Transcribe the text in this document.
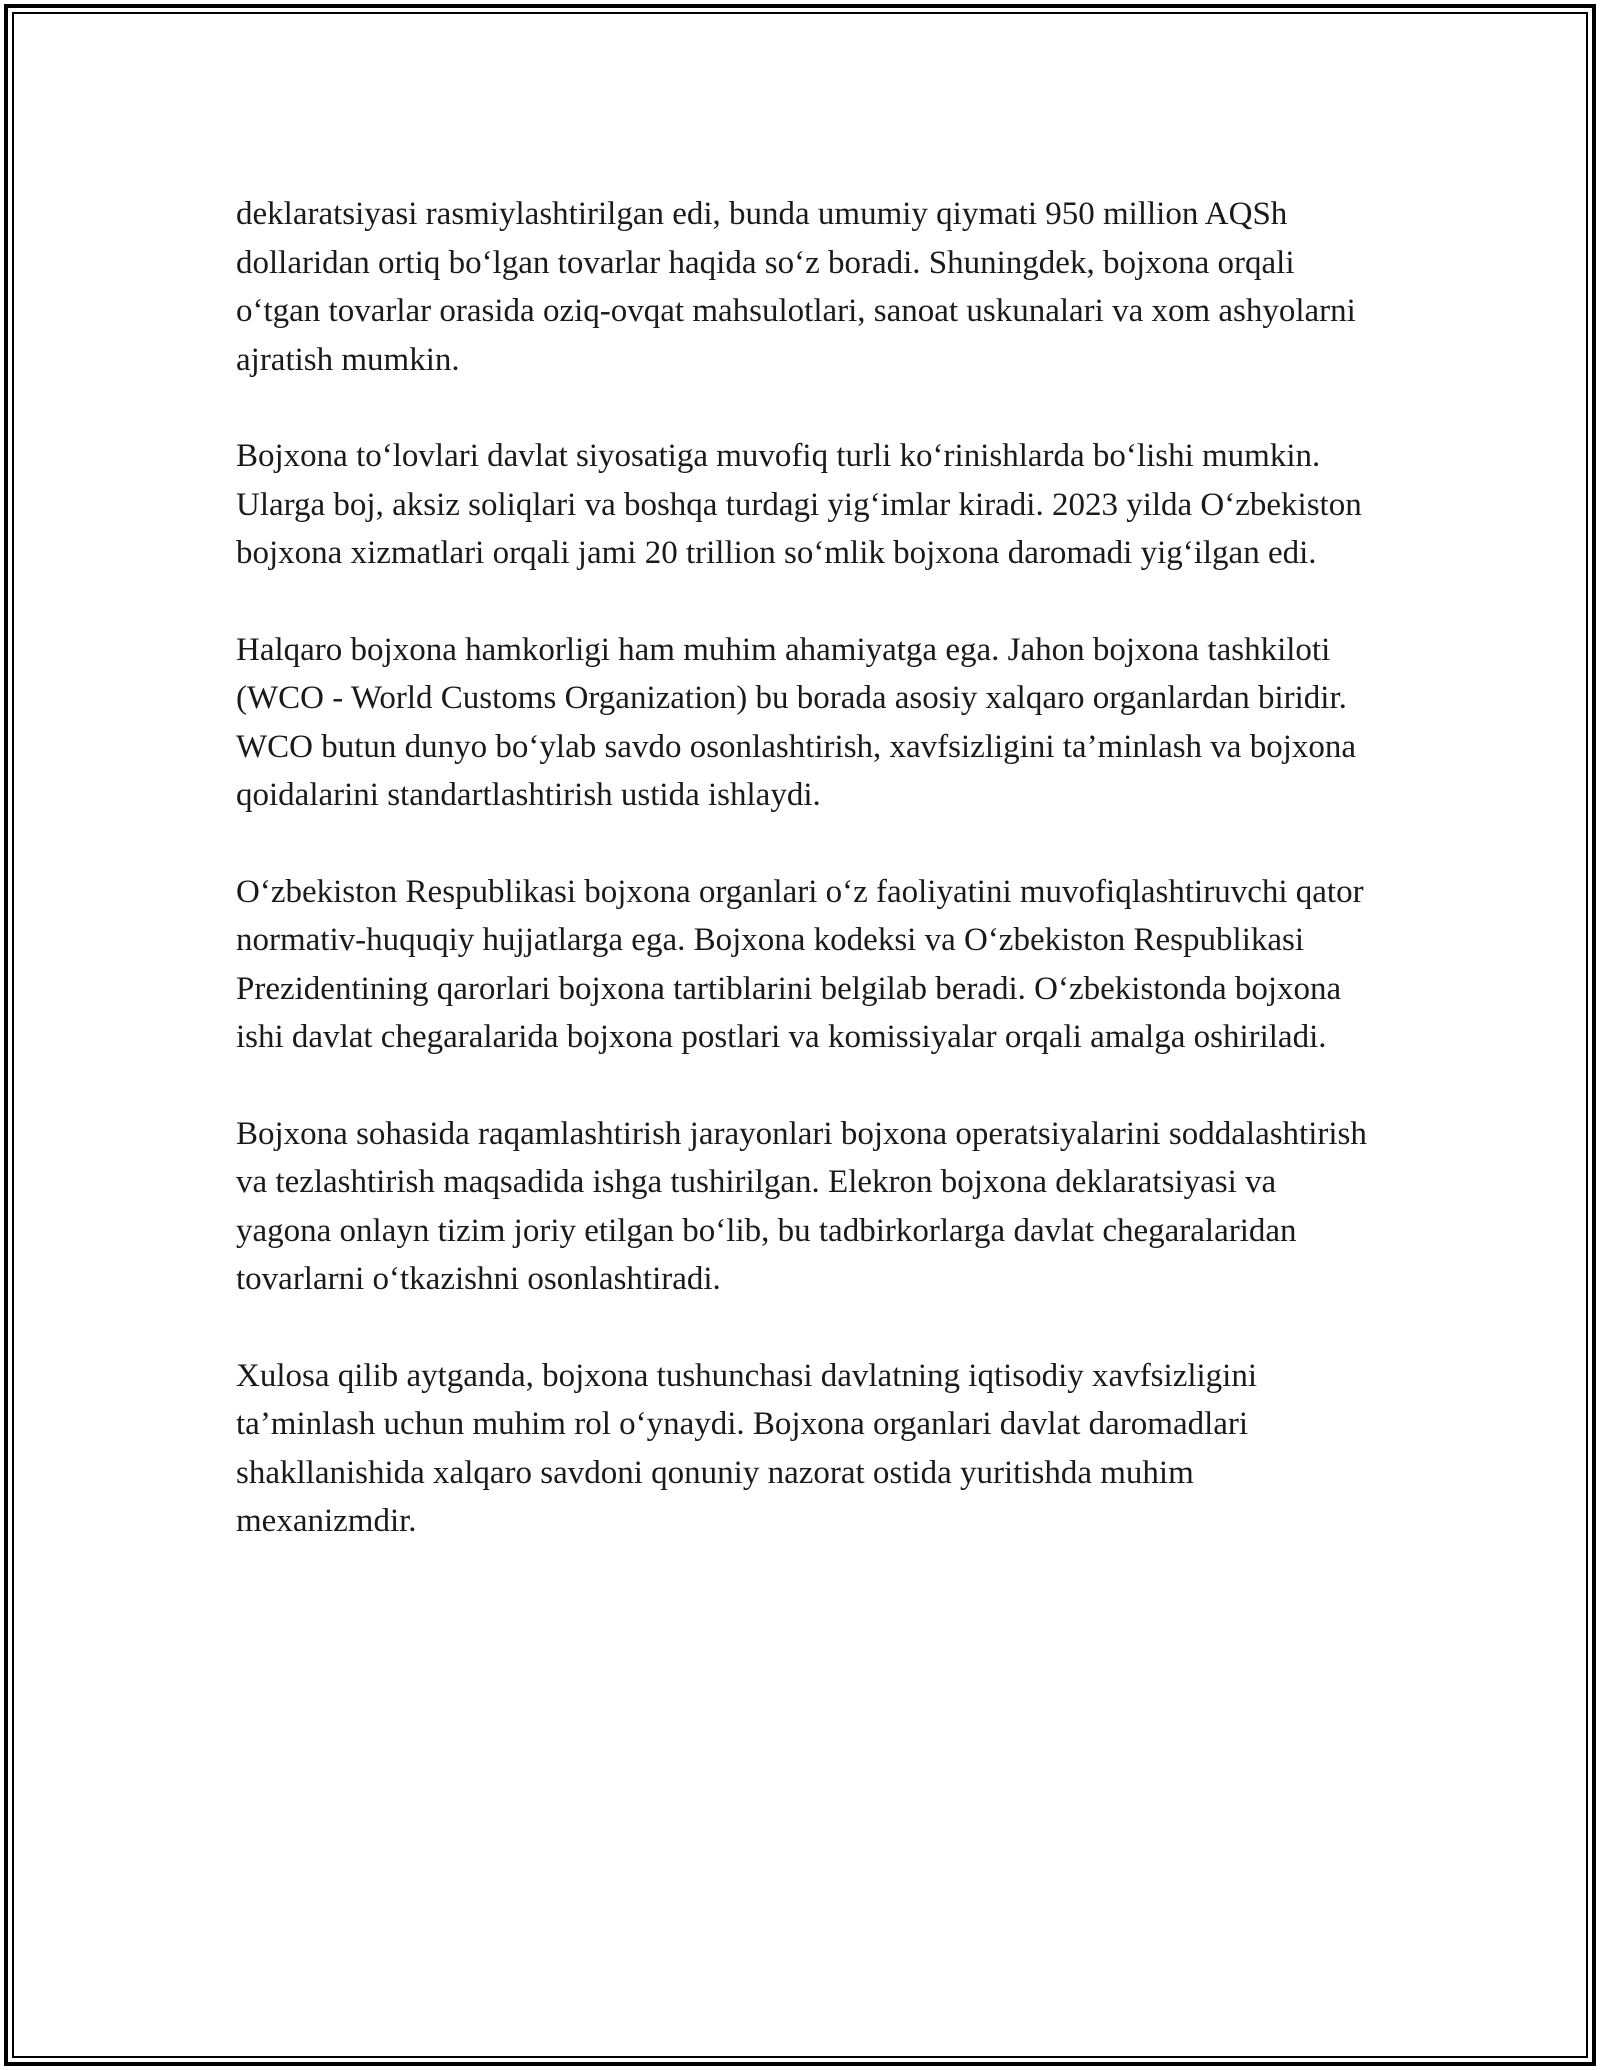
deklaratsiyasi rasmiylashtirilgan edi, bunda umumiy qiymati 950 million AQSh dollaridan ortiq bo‘lgan tovarlar haqida so‘z boradi. Shuningdek, bojxona orqali o‘tgan tovarlar orasida oziq-ovqat mahsulotlari, sanoat uskunalari va xom ashyolarni ajratish mumkin.

Bojxona to‘lovlari davlat siyosatiga muvofiq turli ko‘rinishlarda bo‘lishi mumkin. Ularga boj, aksiz soliqlari va boshqa turdagi yig‘imlar kiradi. 2023 yilda O‘zbekiston bojxona xizmatlari orqali jami 20 trillion so‘mlik bojxona daromadi yig‘ilgan edi.

Halqaro bojxona hamkorligi ham muhim ahamiyatga ega. Jahon bojxona tashkiloti (WCO - World Customs Organization) bu borada asosiy xalqaro organlardan biridir. WCO butun dunyo bo‘ylab savdo osonlashtirish, xavfsizligini ta’minlash va bojxona qoidalarini standartlashtirish ustida ishlaydi.

O‘zbekiston Respublikasi bojxona organlari o‘z faoliyatini muvofiqlashtiruvchi qator normativ-huquqiy hujjatlarga ega. Bojxona kodeksi va O‘zbekiston Respublikasi Prezidentining qarorlari bojxona tartiblarini belgilab beradi. O‘zbekistonda bojxona ishi davlat chegaralarida bojxona postlari va komissiyalar orqali amalga oshiriladi.

Bojxona sohasida raqamlashtirish jarayonlari bojxona operatsiyalarini soddalashtirish va tezlashtirish maqsadida ishga tushirilgan. Elekron bojxona deklaratsiyasi va yagona onlayn tizim joriy etilgan bo‘lib, bu tadbirkorlarga davlat chegaralaridan tovarlarni o‘tkazishni osonlashtiradi.

Xulosa qilib aytganda, bojxona tushunchasi davlatning iqtisodiy xavfsizligini ta’minlash uchun muhim rol o‘ynaydi. Bojxona organlari davlat daromadlari shakllanishida xalqaro savdoni qonuniy nazorat ostida yuritishda muhim mexanizmdir.
